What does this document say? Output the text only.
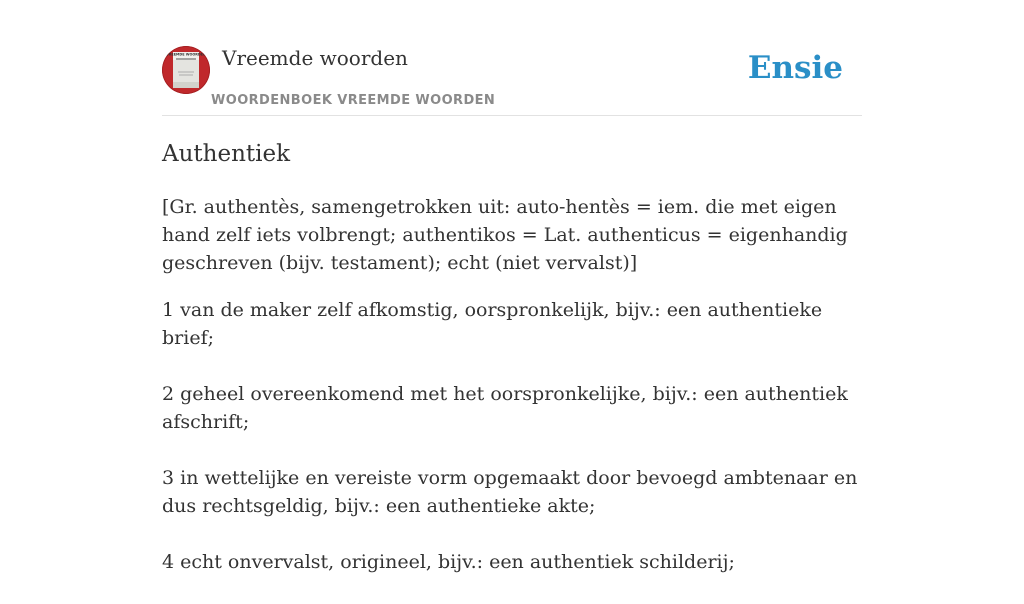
VREEMDE WOORDEN Vreemde woorden
WOORDENBOEK VREEMDE WOORDEN
Ensie
Authentiek

[Gr. authentès, samengetrokken uit: auto-hentès = iem. die met eigen hand zelf iets volbrengt; authentikos = Lat. authenticus = eigenhandig geschreven (bijv. testament); echt (niet vervalst)]

1 van de maker zelf afkomstig, oorspronkelijk, bijv.: een authentieke brief;
2 geheel overeenkomend met het oorspronkelijke, bijv.: een authentiek afschrift;
3 in wettelijke en vereiste vorm opgemaakt door bevoegd ambtenaar en dus rechtsgeldig, bijv.: een authentieke akte;
4 echt onvervalst, origineel, bijv.: een authentiek schilderij;
